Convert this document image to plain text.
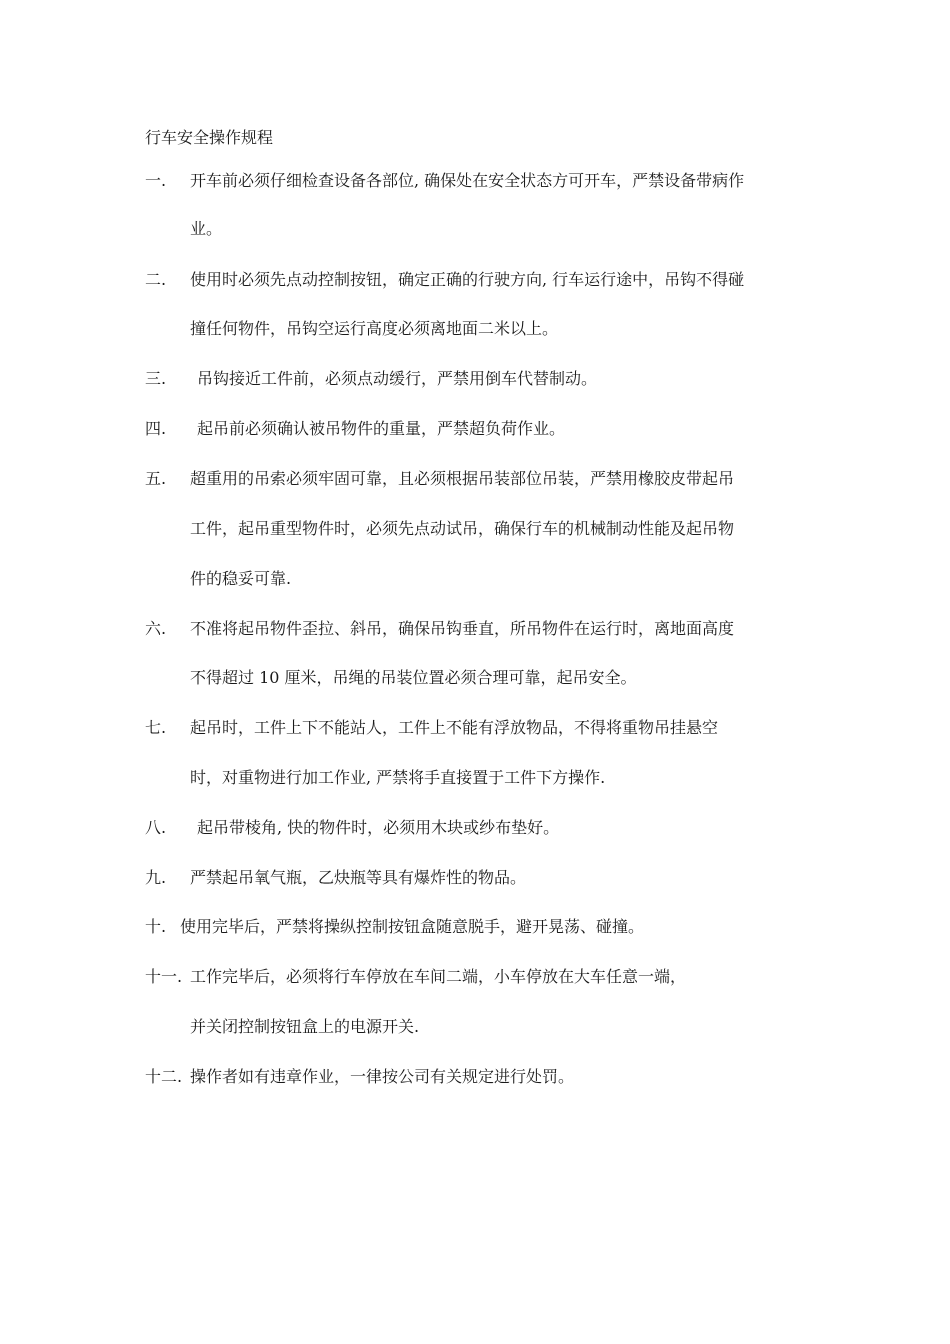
行车安全操作规程
一. 开车前必须仔细检查设备各部位, 确保处在安全状态方可开车，严禁设备带病作
业。
二. 使用时必须先点动控制按钮，确定正确的行驶方向, 行车运行途中，吊钩不得碰
撞任何物件，吊钩空运行高度必须离地面二米以上。
三. 吊钩接近工件前，必须点动缓行，严禁用倒车代替制动。
四. 起吊前必须确认被吊物件的重量，严禁超负荷作业。
五. 超重用的吊索必须牢固可靠，且必须根据吊装部位吊装，严禁用橡胶皮带起吊
工件，起吊重型物件时，必须先点动试吊，确保行车的机械制动性能及起吊物
件的稳妥可靠.
六. 不准将起吊物件歪拉、斜吊，确保吊钩垂直，所吊物件在运行时，离地面高度
不得超过 10 厘米，吊绳的吊装位置必须合理可靠，起吊安全。
七. 起吊时，工件上下不能站人，工件上不能有浮放物品，不得将重物吊挂悬空
时，对重物进行加工作业, 严禁将手直接置于工件下方操作.
八. 起吊带棱角, 快的物件时，必须用木块或纱布垫好。
九. 严禁起吊氧气瓶，乙炔瓶等具有爆炸性的物品。
十. 使用完毕后，严禁将操纵控制按钮盒随意脱手，避开晃荡、碰撞。
十一. 工作完毕后，必须将行车停放在车间二端，小车停放在大车任意一端，
并关闭控制按钮盒上的电源开关.
十二. 操作者如有违章作业，一律按公司有关规定进行处罚。
